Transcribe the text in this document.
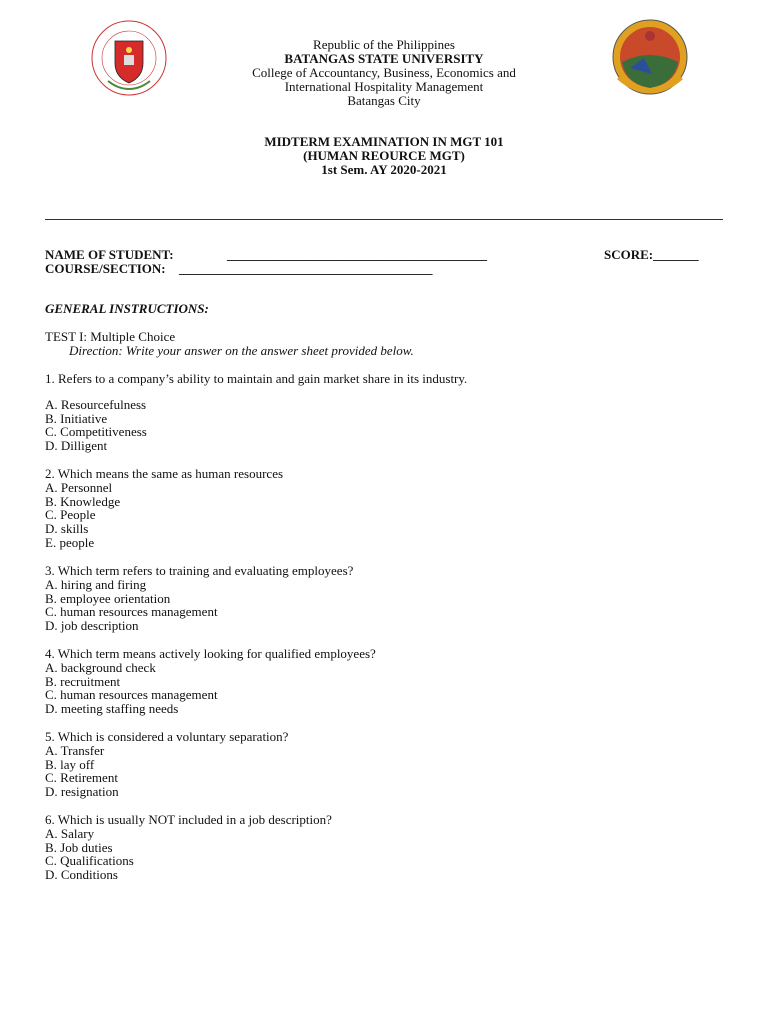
Republic of the Philippines
BATANGAS STATE UNIVERSITY
College of Accountancy, Business, Economics and
International Hospitality Management
Batangas City
MIDTERM EXAMINATION IN MGT 101
(HUMAN REOURCE MGT)
1st Sem. AY 2020-2021
NAME OF STUDENT:	________________________________________	SCORE:_______
COURSE/SECTION: _______________________________________
GENERAL INSTRUCTIONS:
TEST I: Multiple Choice
Direction: Write your answer on the answer sheet provided below.
1. Refers to a company’s ability to maintain and gain market share in its industry.
A. Resourcefulness
B. Initiative
C. Competitiveness
D. Dilligent
2. Which means the same as human resources
A. Personnel
B. Knowledge
C. People
D. skills
E. people
3. Which term refers to training and evaluating employees?
A. hiring and firing
B. employee orientation
C. human resources management
D. job description
4. Which term means actively looking for qualified employees?
A. background check
B. recruitment
C. human resources management
D. meeting staffing needs
5. Which is considered a voluntary separation?
A. Transfer
B. lay off
C. Retirement
D. resignation
6. Which is usually NOT included in a job description?
A. Salary
B. Job duties
C. Qualifications
D. Conditions
